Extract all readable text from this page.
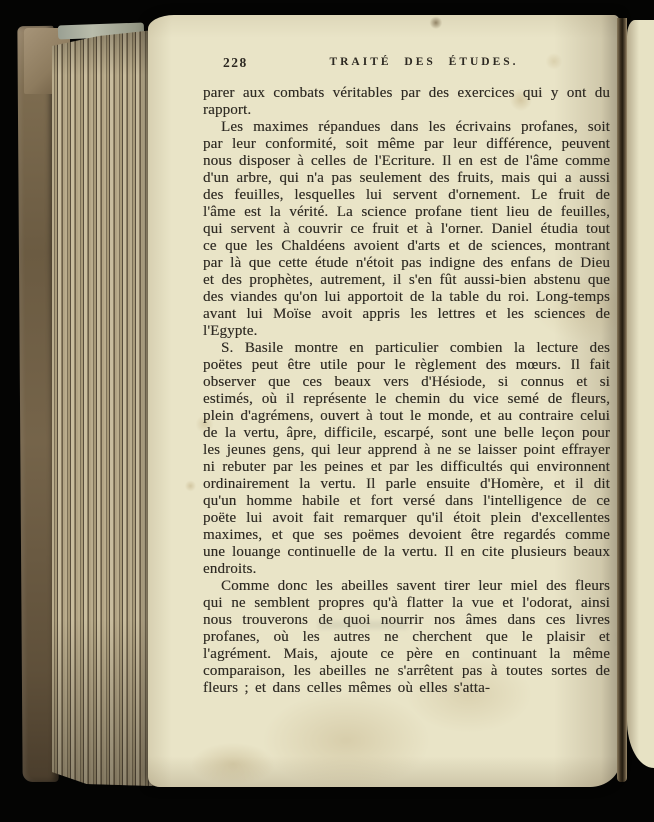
228	TRAITÉ DES ÉTUDES.

parer aux combats véritables par des exercices qui y ont du rapport.

Les maximes répandues dans les écrivains profanes, soit par leur conformité, soit même par leur différence, peuvent nous disposer à celles de l'Ecriture. Il en est de l'âme comme d'un arbre, qui n'a pas seulement des fruits, mais qui a aussi des feuilles, lesquelles lui servent d'ornement. Le fruit de l'âme est la vérité. La science profane tient lieu de feuilles, qui servent à couvrir ce fruit et à l'orner. Daniel étudia tout ce que les Chaldéens avoient d'arts et de sciences, montrant par là que cette étude n'étoit pas indigne des enfans de Dieu et des prophètes, autrement, il s'en fût aussi-bien abstenu que des viandes qu'on lui apportoit de la table du roi. Long-temps avant lui Moïse avoit appris les lettres et les sciences de l'Egypte.

S. Basile montre en particulier combien la lecture des poëtes peut être utile pour le règlement des mœurs. Il fait observer que ces beaux vers d'Hésiode, si connus et si estimés, où il représente le chemin du vice semé de fleurs, plein d'agrémens, ouvert à tout le monde, et au contraire celui de la vertu, âpre, difficile, escarpé, sont une belle leçon pour les jeunes gens, qui leur apprend à ne se laisser point effrayer ni rebuter par les peines et par les difficultés qui environnent ordinairement la vertu. Il parle ensuite d'Homère, et il dit qu'un homme habile et fort versé dans l'intelligence de ce poëte lui avoit fait remarquer qu'il étoit plein d'excellentes maximes, et que ses poëmes devoient être regardés comme une louange continuelle de la vertu. Il en cite plusieurs beaux endroits.

Comme donc les abeilles savent tirer leur miel des fleurs qui ne semblent propres qu'à flatter la vue et l'odorat, ainsi nous trouverons de quoi nourrir nos âmes dans ces livres profanes, où les autres ne cherchent que le plaisir et l'agrément. Mais, ajoute ce père en continuant la même comparaison, les abeilles ne s'arrêtent pas à toutes sortes de fleurs ; et dans celles mêmes où elles s'atta-
